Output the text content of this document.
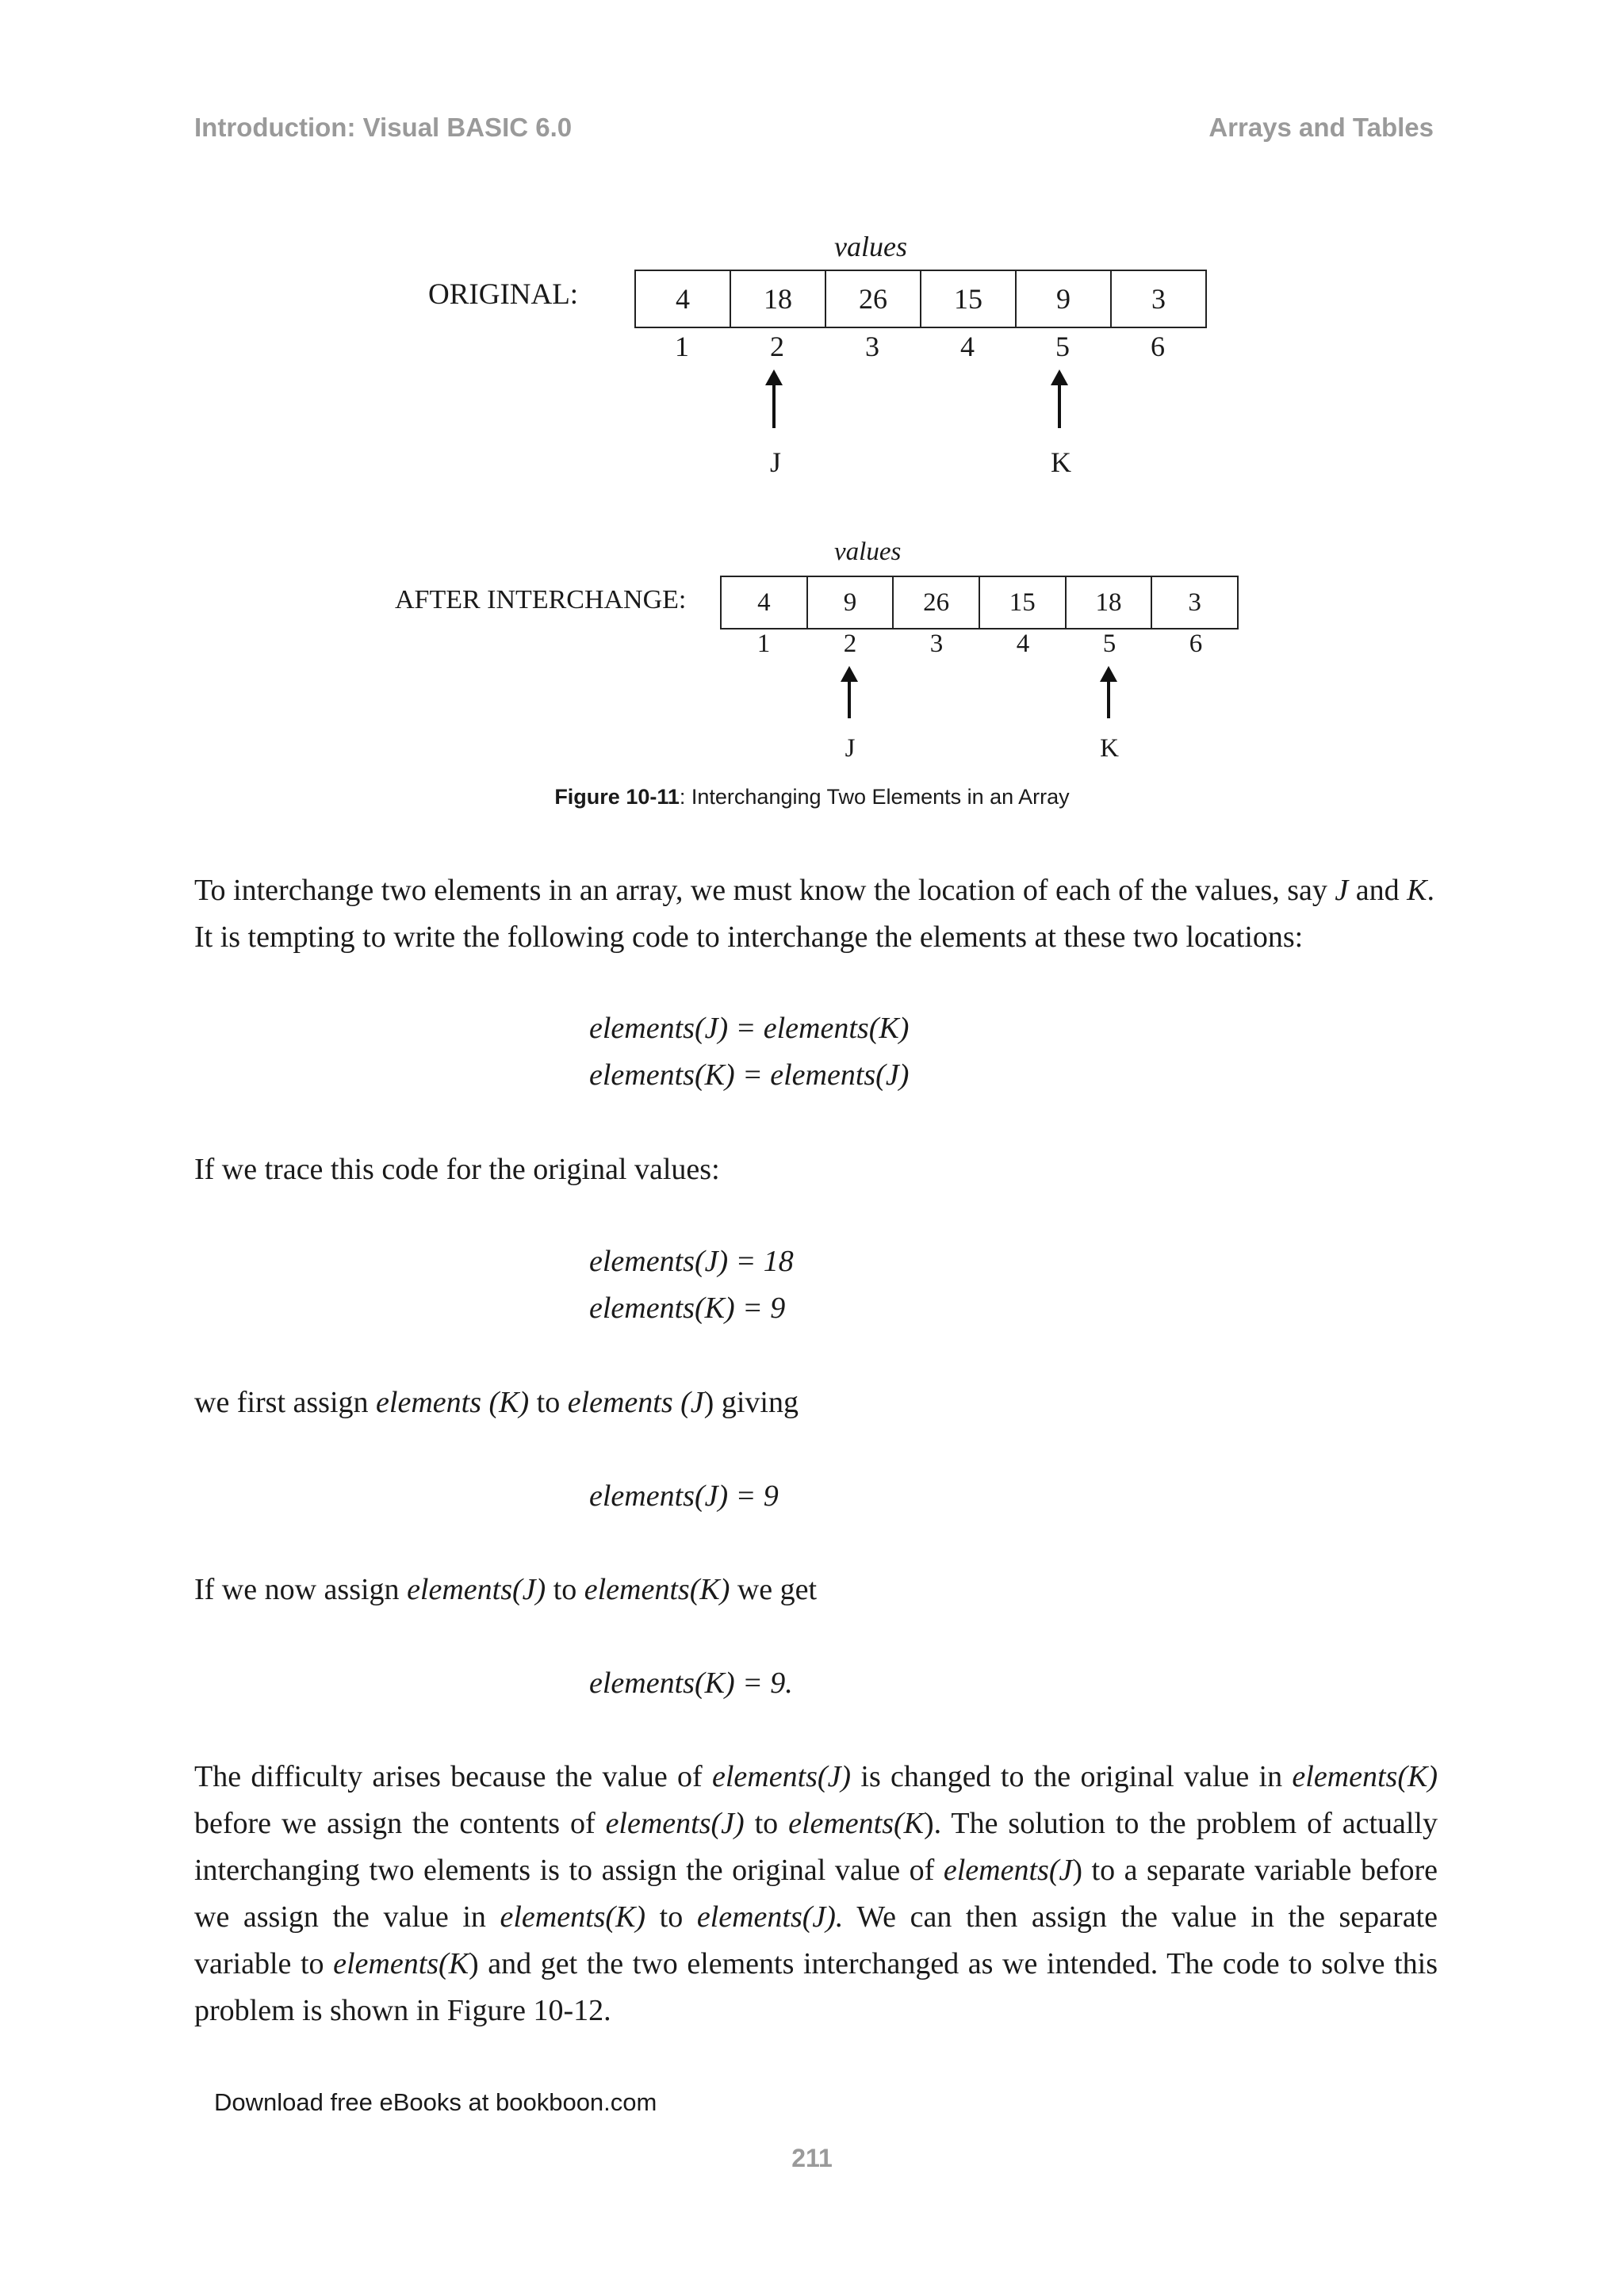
Introduction: Visual BASIC 6.0	Arrays and Tables
values
ORIGINAL:	4	18	26	15	9	3
1	2	3	4	5	6
J	K
values
AFTER INTERCHANGE:	4	9	26	15	18	3
1	2	3	4	5	6
J	K
Figure 10-11: Interchanging Two Elements in an Array
To interchange two elements in an array, we must know the location of each of the values, say J and K. It is tempting to write the following code to interchange the elements at these two locations:
elements(J) = elements(K)
elements(K) = elements(J)
If we trace this code for the original values:
elements(J) = 18
elements(K) = 9
we first assign elements (K) to elements (J) giving
elements(J) = 9
If we now assign elements(J) to elements(K) we get
elements(K) = 9.
The difficulty arises because the value of elements(J) is changed to the original value in elements(K) before we assign the contents of elements(J) to elements(K). The solution to the problem of actually interchanging two elements is to assign the original value of elements(J) to a separate variable before we assign the value in elements(K) to elements(J). We can then assign the value in the separate variable to elements(K) and get the two elements interchanged as we intended. The code to solve this problem is shown in Figure 10-12.
Download free eBooks at bookboon.com
211
